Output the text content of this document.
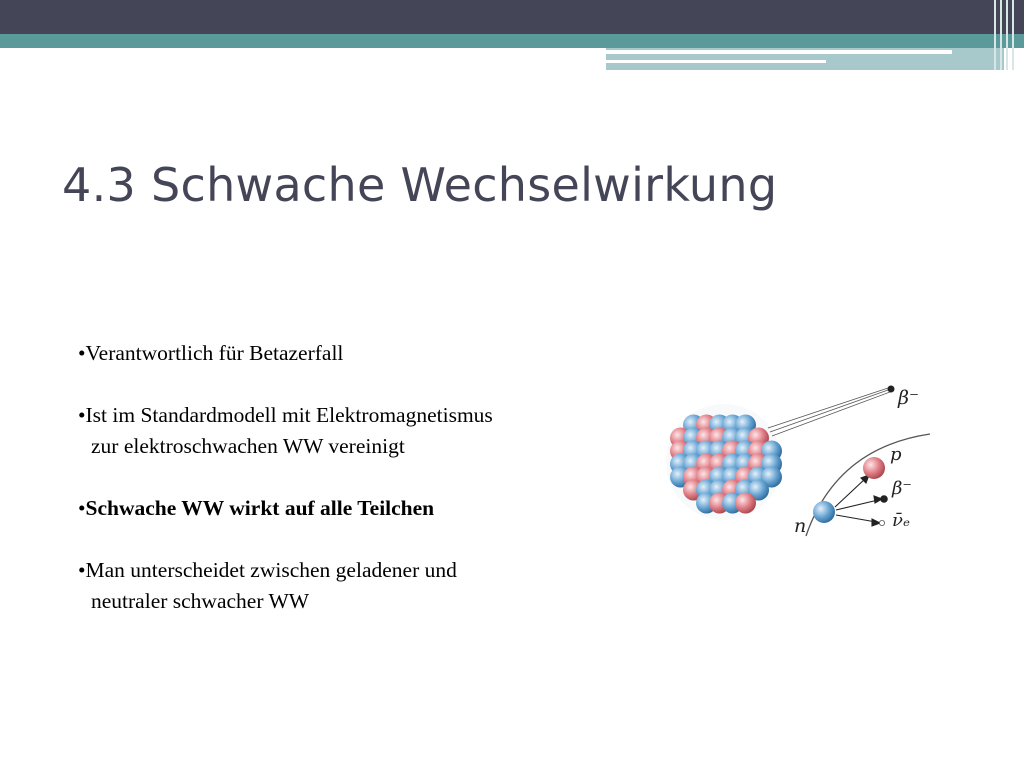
4.3 Schwache Wechselwirkung
•Verantwortlich für Betazerfall
•Ist im Standardmodell mit Elektromagnetismus
zur elektroschwachen WW vereinigt
•Schwache WW wirkt auf alle Teilchen
•Man unterscheidet zwischen geladener und
neutraler schwacher WW
β⁻
p
β⁻
ν̄ₑ
n
